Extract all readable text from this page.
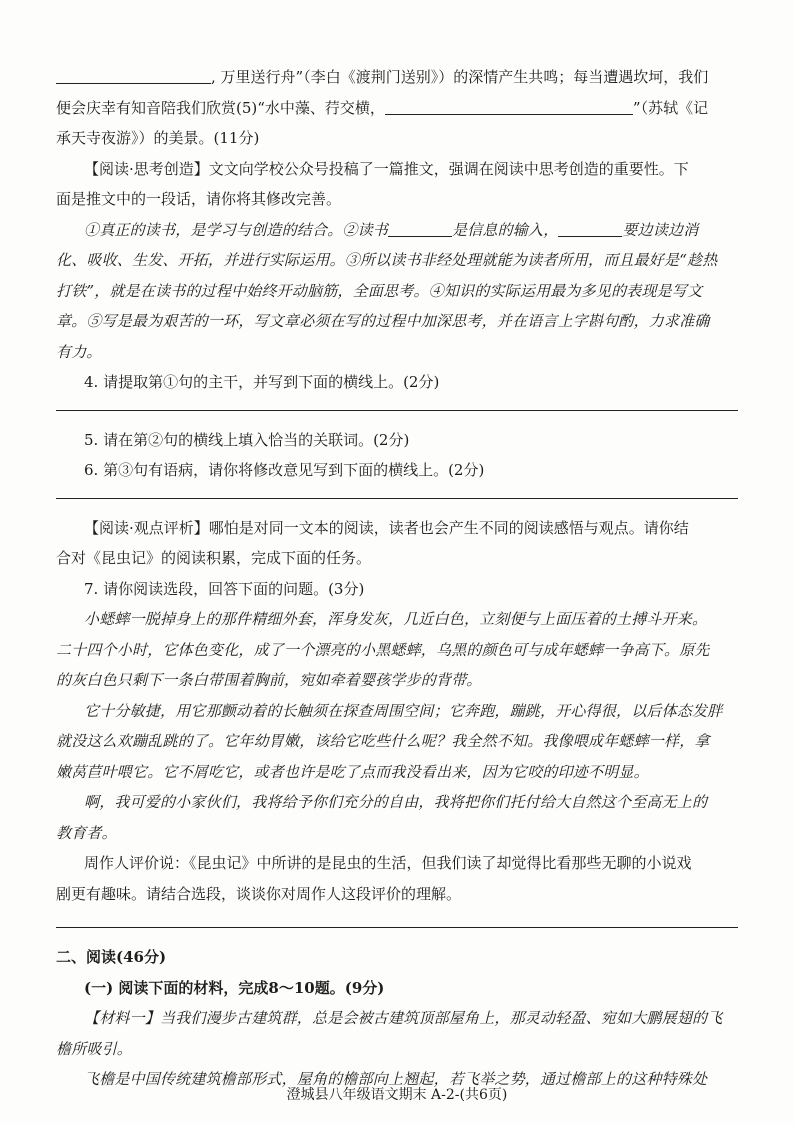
, 万里送行舟”（李白《渡荆门送别》）的深情产生共鸣；每当遭遇坎坷，我们
便会庆幸有知音陪我们欣赏(5)“水中藻、荇交横，	”（苏轼《记
承天寺夜游》）的美景。(11分)
【阅读·思考创造】文文向学校公众号投稿了一篇推文，强调在阅读中思考创造的重要性。下
面是推文中的一段话，请你将其修改完善。
①真正的读书，是学习与创造的结合。②读书	是信息的输入，	要边读边消
化、吸收、生发、开拓，并进行实际运用。③所以读书非经处理就能为读者所用，而且最好是“趁热
打铁”，就是在读书的过程中始终开动脑筋，全面思考。④知识的实际运用最为多见的表现是写文
章。⑤写是最为艰苦的一环，写文章必须在写的过程中加深思考，并在语言上字斟句酌，力求准确
有力。
4. 请提取第①句的主干，并写到下面的横线上。(2分)
5. 请在第②句的横线上填入恰当的关联词。(2分)
6. 第③句有语病，请你将修改意见写到下面的横线上。(2分)
【阅读·观点评析】哪怕是对同一文本的阅读，读者也会产生不同的阅读感悟与观点。请你结
合对《昆虫记》的阅读积累，完成下面的任务。
7. 请你阅读选段，回答下面的问题。(3分)
小蟋蟀一脱掉身上的那件精细外套，浑身发灰，几近白色，立刻便与上面压着的土搏斗开来。
二十四个小时，它体色变化，成了一个漂亮的小黑蟋蟀，乌黑的颜色可与成年蟋蟀一争高下。原先
的灰白色只剩下一条白带围着胸前，宛如牵着婴孩学步的背带。
它十分敏捷，用它那颤动着的长触须在探查周围空间；它奔跑，蹦跳，开心得很，以后体态发胖
就没这么欢蹦乱跳的了。它年幼胃嫩，该给它吃些什么呢？我全然不知。我像喂成年蟋蟀一样，拿
嫩莴苣叶喂它。它不屑吃它，或者也许是吃了点而我没看出来，因为它咬的印迹不明显。
啊，我可爱的小家伙们，我将给予你们充分的自由，我将把你们托付给大自然这个至高无上的
教育者。
周作人评价说：《昆虫记》中所讲的是昆虫的生活，但我们读了却觉得比看那些无聊的小说戏
剧更有趣味。请结合选段，谈谈你对周作人这段评价的理解。
二、阅读(46分)
(一) 阅读下面的材料，完成8～10题。(9分)
【材料一】当我们漫步古建筑群，总是会被古建筑顶部屋角上，那灵动轻盈、宛如大鹏展翅的飞
檐所吸引。
飞檐是中国传统建筑檐部形式，屋角的檐部向上翘起，若飞举之势，通过檐部上的这种特殊处
澄城县八年级语文期末 A-2-(共6页)
